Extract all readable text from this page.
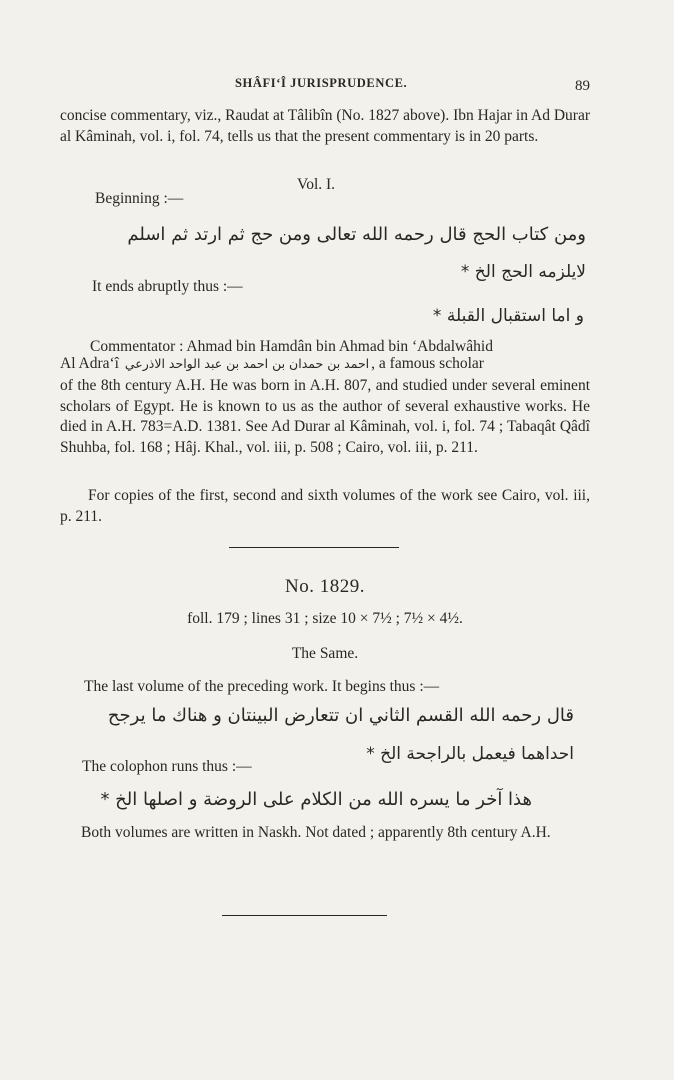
SHÂFI‘Î JURISPRUDENCE.	89
concise commentary, viz., Raudat at Tâlibîn (No. 1827 above). Ibn Hajar in Ad Durar al Kâminah, vol. i, fol. 74, tells us that the present commentary is in 20 parts.
Vol. I.
Beginning :—
ومن كتاب الحج قال رحمه الله تعالى ومن حج ثم ارتد ثم اسلم
لايلزمه الحج الخ *
It ends abruptly thus :—
و اما استقبال القبلة *
Commentator : Ahmad bin Hamdân bin Ahmad bin ‘Abdalwâhid
Al Adra‘î احمد بن حمدان بن احمد بن عبد الواحد الاذرعي , a famous scholar
of the 8th century A.H. He was born in A.H. 807, and studied under several eminent scholars of Egypt. He is known to us as the author of several exhaustive works. He died in A.H. 783=A.D. 1381. See Ad Durar al Kâminah, vol. i, fol. 74 ; Tabaqât Qâdî Shuhba, fol. 168 ; Hâj. Khal., vol. iii, p. 508 ; Cairo, vol. iii, p. 211.
For copies of the first, second and sixth volumes of the work see Cairo, vol. iii, p. 211.
No. 1829.
foll. 179 ; lines 31 ; size 10 × 7½ ; 7½ × 4½.
The Same.
The last volume of the preceding work. It begins thus :—
قال رحمه الله القسم الثاني ان تتعارض البينتان و هناك ما يرجح
احداهما فيعمل بالراجحة الخ *
The colophon runs thus :—
هذا آخر ما يسره الله من الكلام على الروضة و اصلها الخ *
Both volumes are written in Naskh. Not dated ; apparently 8th century A.H.
